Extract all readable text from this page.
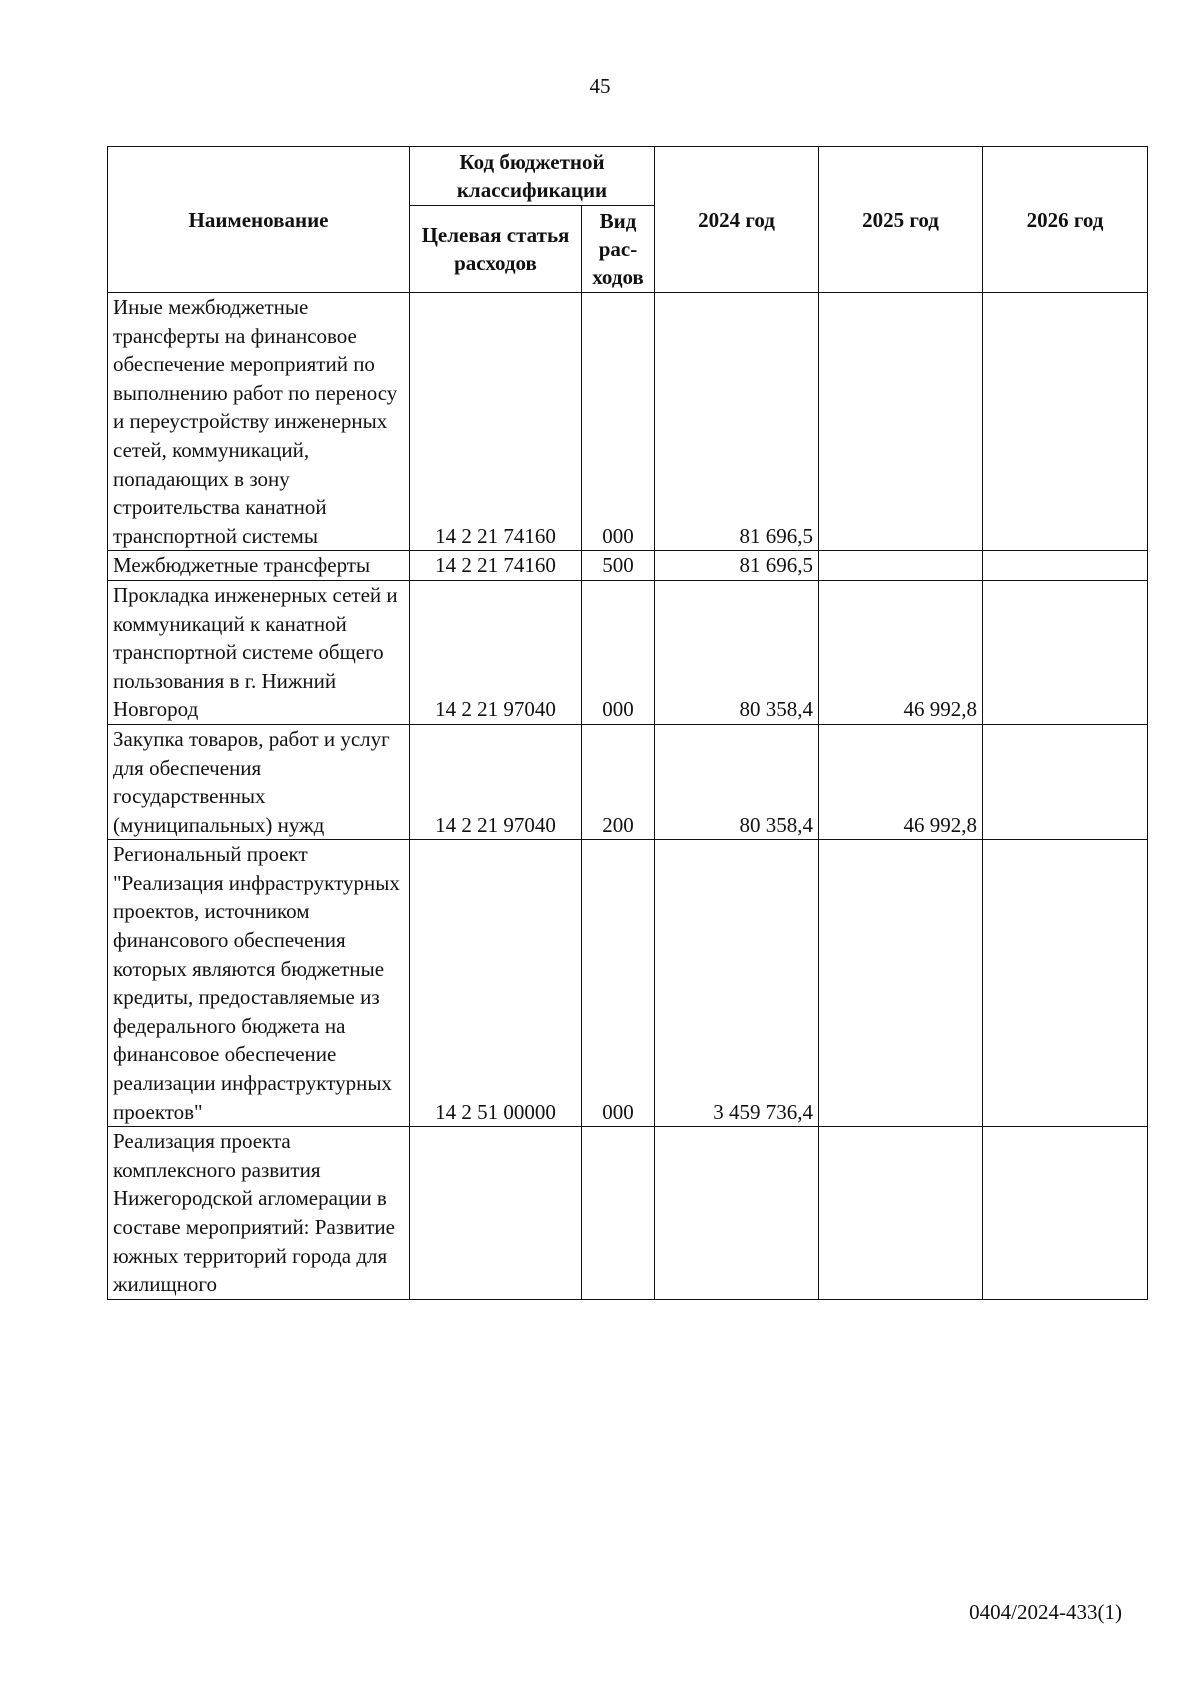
45
Наименование	Код бюджетной классификации		2024 год	2025 год	2026 год
	Целевая статья расходов	Вид рас-ходов			
Иные межбюджетные трансферты на финансовое обеспечение мероприятий по выполнению работ по переносу и переустройству инженерных сетей, коммуникаций, попадающих в зону строительства канатной транспортной системы	14 2 21 74160	000	81 696,5		
Межбюджетные трансферты	14 2 21 74160	500	81 696,5		
Прокладка инженерных сетей и коммуникаций к канатной транспортной системе общего пользования в г. Нижний Новгород	14 2 21 97040	000	80 358,4	46 992,8	
Закупка товаров, работ и услуг для обеспечения государственных (муниципальных) нужд	14 2 21 97040	200	80 358,4	46 992,8	
Региональный проект "Реализация инфраструктурных проектов, источником финансового обеспечения которых являются бюджетные кредиты, предоставляемые из федерального бюджета на финансовое обеспечение реализации инфраструктурных проектов"	14 2 51 00000	000	3 459 736,4		
Реализация проекта комплексного развития Нижегородской агломерации в составе мероприятий: Развитие южных территорий города для жилищного					
0404/2024-433(1)
